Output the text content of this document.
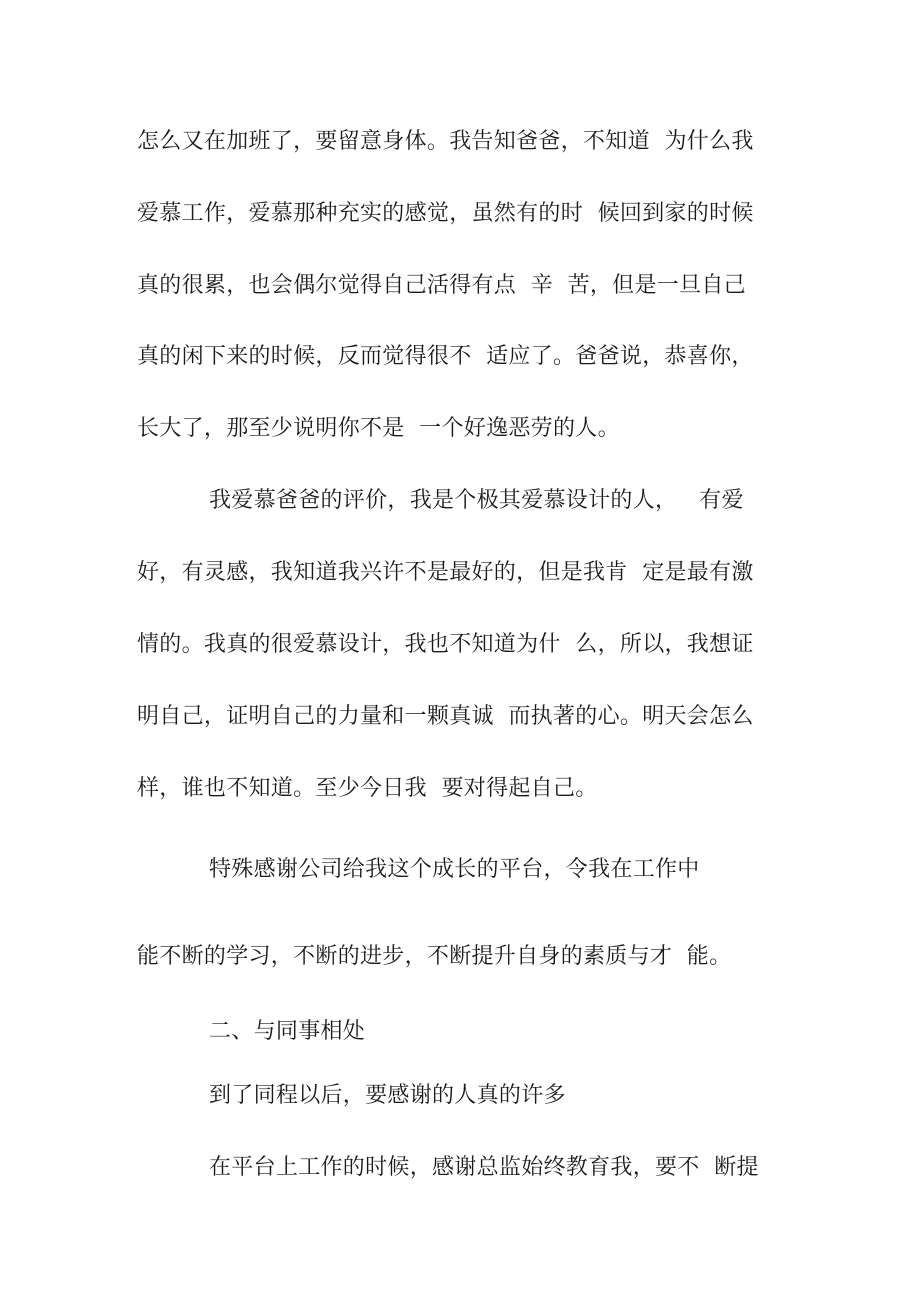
怎么又在加班了，要留意身体。我告知爸爸，不知道  为什么我
爱慕工作，爱慕那种充实的感觉，虽然有的时  候回到家的时候
真的很累，也会偶尔觉得自己活得有点  辛  苦，但是一旦自己
真的闲下来的时候，反而觉得很不  适应了。爸爸说，恭喜你，
长大了，那至少说明你不是  一个好逸恶劳的人。
我爱慕爸爸的评价，我是个极其爱慕设计的人，   有爱
好，有灵感，我知道我兴许不是最好的，但是我肯  定是最有激
情的。我真的很爱慕设计，我也不知道为什  么，所以，我想证
明自己，证明自己的力量和一颗真诚  而执著的心。明天会怎么
样，谁也不知道。至少今日我  要对得起自己。
特殊感谢公司给我这个成长的平台，令我在工作中
能不断的学习，不断的进步，不断提升自身的素质与才  能。
二、与同事相处
到了同程以后，要感谢的人真的许多
在平台上工作的时候，感谢总监始终教育我，要不  断提
